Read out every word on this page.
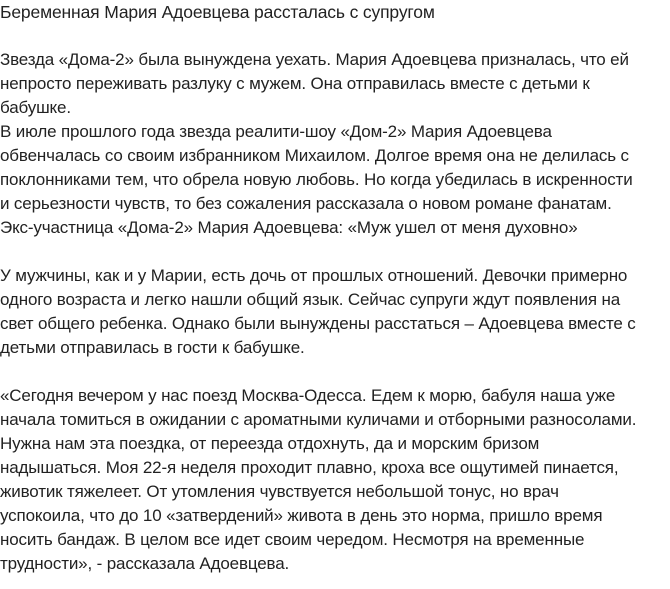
Беременная Мария Адоевцева рассталась с супругом

Звезда «Дома-2» была вынуждена уехать. Мария Адоевцева призналась, что ей

непросто переживать разлуку с мужем. Она отправилась вместе с детьми к

бабушке.

В июле прошлого года звезда реалити-шоу «Дом-2» Мария Адоевцева

обвенчалась со своим избранником Михаилом. Долгое время она не делилась с

поклонниками тем, что обрела новую любовь. Но когда убедилась в искренности

и серьезности чувств, то без сожаления рассказала о новом романе фанатам.

Экс-участница «Дома-2» Мария Адоевцева: «Муж ушел от меня духовно»

У мужчины, как и у Марии, есть дочь от прошлых отношений. Девочки примерно

одного возраста и легко нашли общий язык. Сейчас супруги ждут появления на

свет общего ребенка. Однако были вынуждены расстаться – Адоевцева вместе с

детьми отправилась в гости к бабушке.

«Сегодня вечером у нас поезд Москва-Одесса. Едем к морю, бабуля наша уже

начала томиться в ожидании с ароматными куличами и отборными разносолами.

Нужна нам эта поездка, от переезда отдохнуть, да и морским бризом

надышаться. Моя 22-я неделя проходит плавно, кроха все ощутимей пинается,

животик тяжелеет. От утомления чувствуется небольшой тонус, но врач

успокоила, что до 10 «затвердений» живота в день это норма, пришло время

носить бандаж. В целом все идет своим чередом. Несмотря на временные

трудности», - рассказала Адоевцева.
